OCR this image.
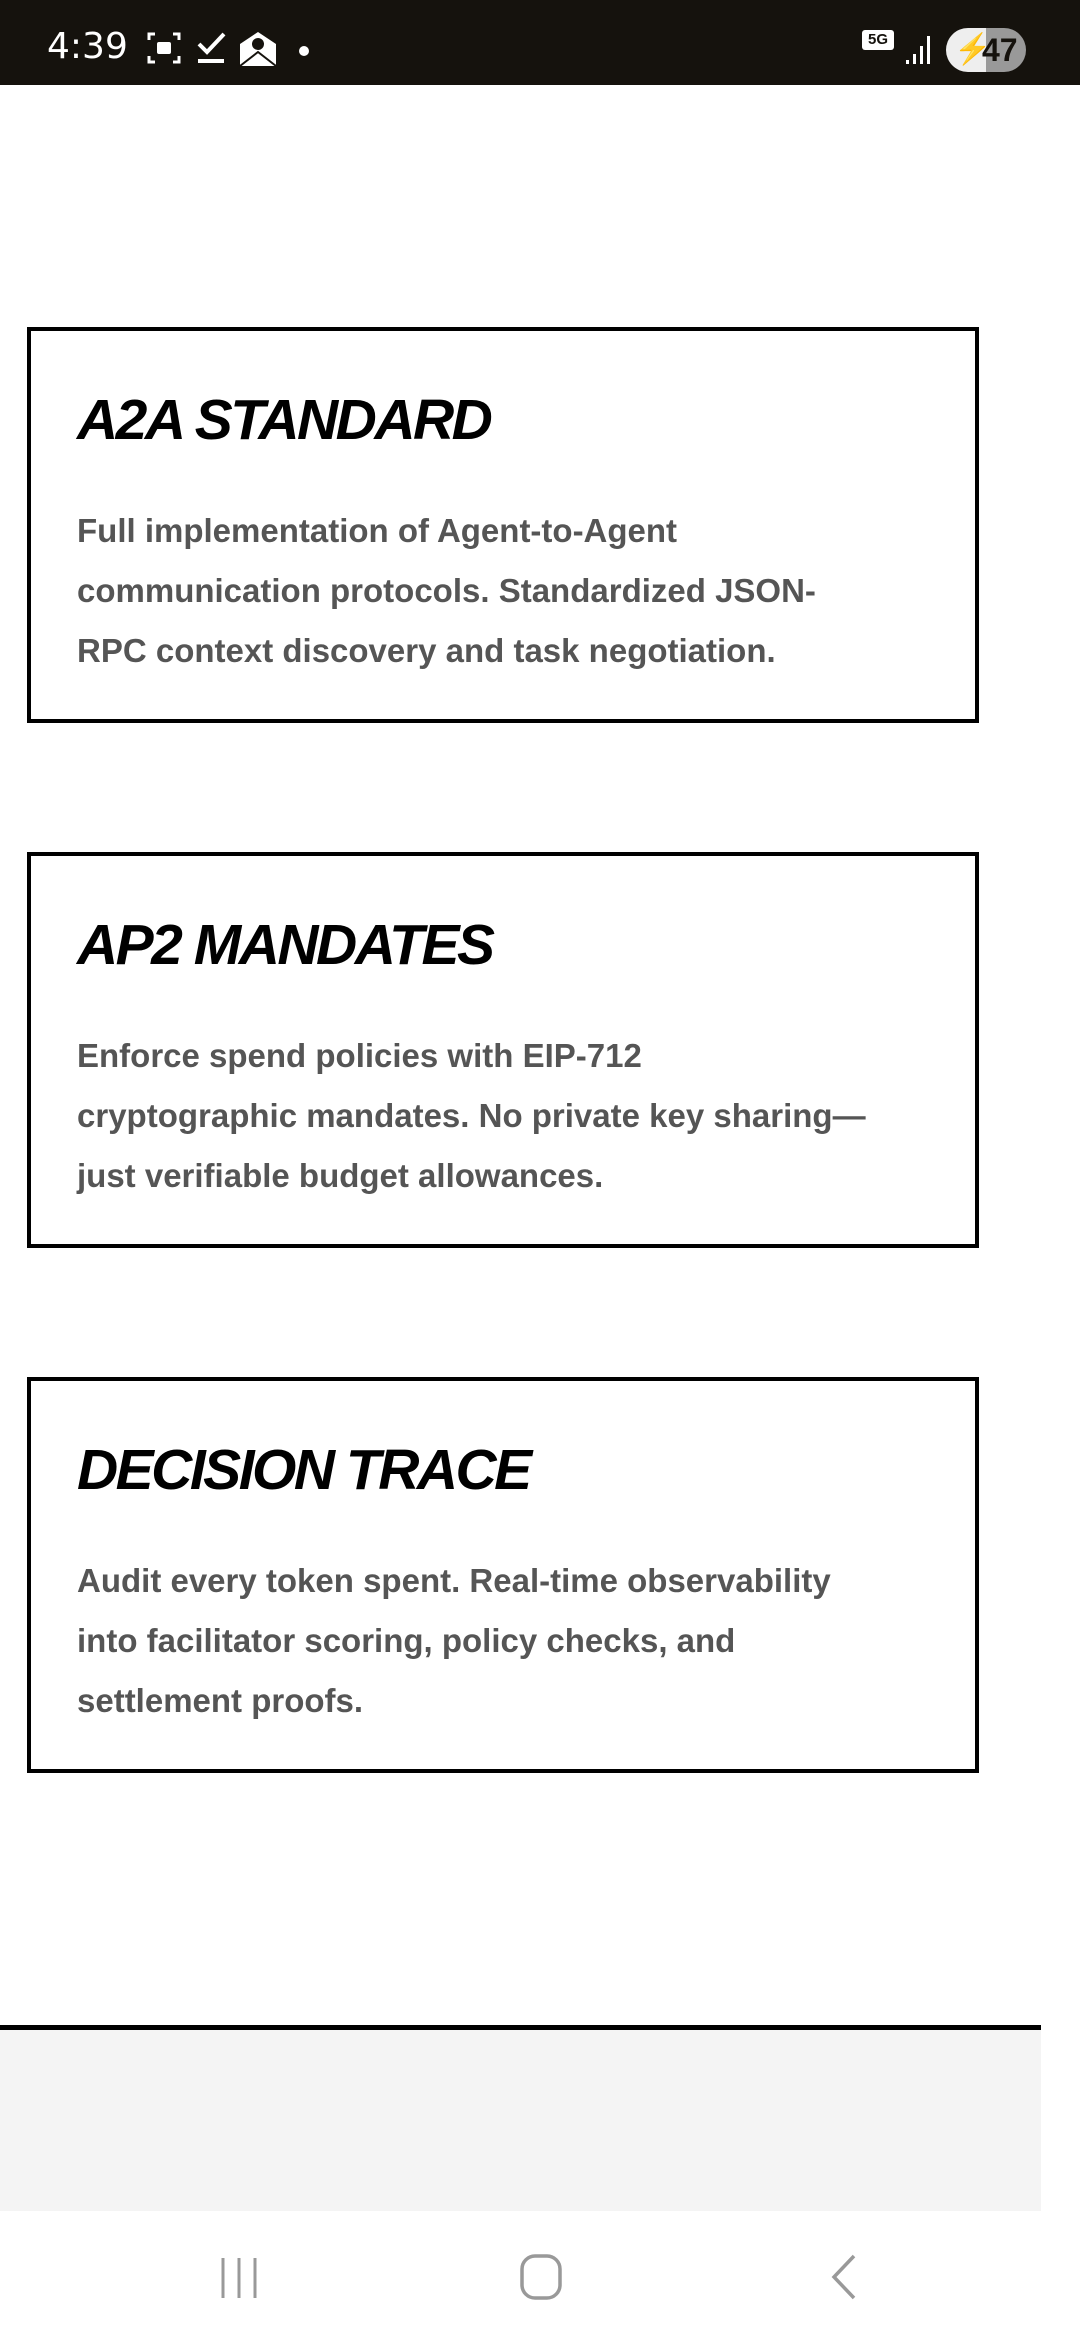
4:39	5G ⚡
47
A2A STANDARD
Full implementation of Agent-to-Agent
communication protocols. Standardized JSON-
RPC context discovery and task negotiation.
AP2 MANDATES
Enforce spend policies with EIP-712
cryptographic mandates. No private key sharing—
just verifiable budget allowances.
DECISION TRACE
Audit every token spent. Real-time observability
into facilitator scoring, policy checks, and
settlement proofs.
